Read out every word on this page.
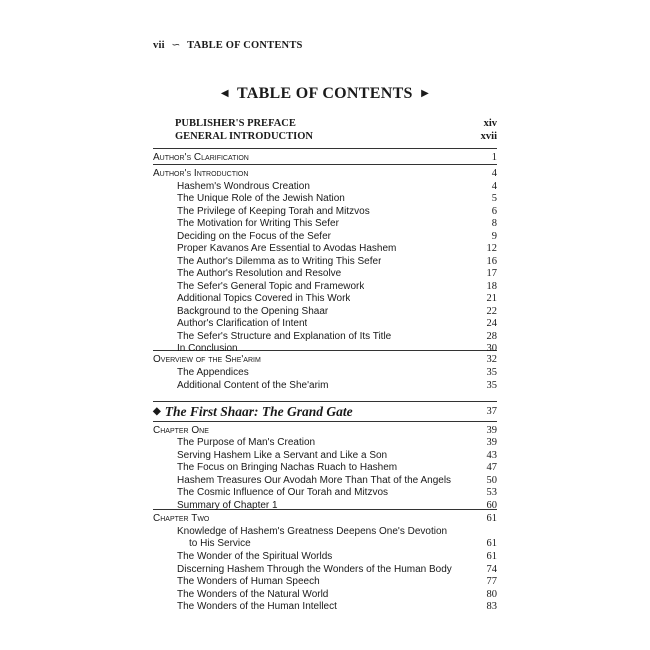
vii ∽ TABLE OF CONTENTS
◀ TABLE OF CONTENTS ▶
PUBLISHER'S PREFACE	xiv
GENERAL INTRODUCTION	xvii
Author's Clarification	1
Author's Introduction	4
Hashem's Wondrous Creation	4
The Unique Role of the Jewish Nation	5
The Privilege of Keeping Torah and Mitzvos	6
The Motivation for Writing This Sefer	8
Deciding on the Focus of the Sefer	9
Proper Kavanos Are Essential to Avodas Hashem	12
The Author's Dilemma as to Writing This Sefer	16
The Author's Resolution and Resolve	17
The Sefer's General Topic and Framework	18
Additional Topics Covered in This Work	21
Background to the Opening Shaar	22
Author's Clarification of Intent	24
The Sefer's Structure and Explanation of Its Title	28
In Conclusion	30
Overview of the She'arim	32
The Appendices	35
Additional Content of the She'arim	35
◆ The First Shaar: The Grand Gate	37
Chapter One	39
The Purpose of Man's Creation	39
Serving Hashem Like a Servant and Like a Son	43
The Focus on Bringing Nachas Ruach to Hashem	47
Hashem Treasures Our Avodah More Than That of the Angels	50
The Cosmic Influence of Our Torah and Mitzvos	53
Summary of Chapter 1	60
Chapter Two	61
Knowledge of Hashem's Greatness Deepens One's Devotion
to His Service	61
The Wonder of the Spiritual Worlds	61
Discerning Hashem Through the Wonders of the Human Body	74
The Wonders of Human Speech	77
The Wonders of the Natural World	80
The Wonders of the Human Intellect	83
